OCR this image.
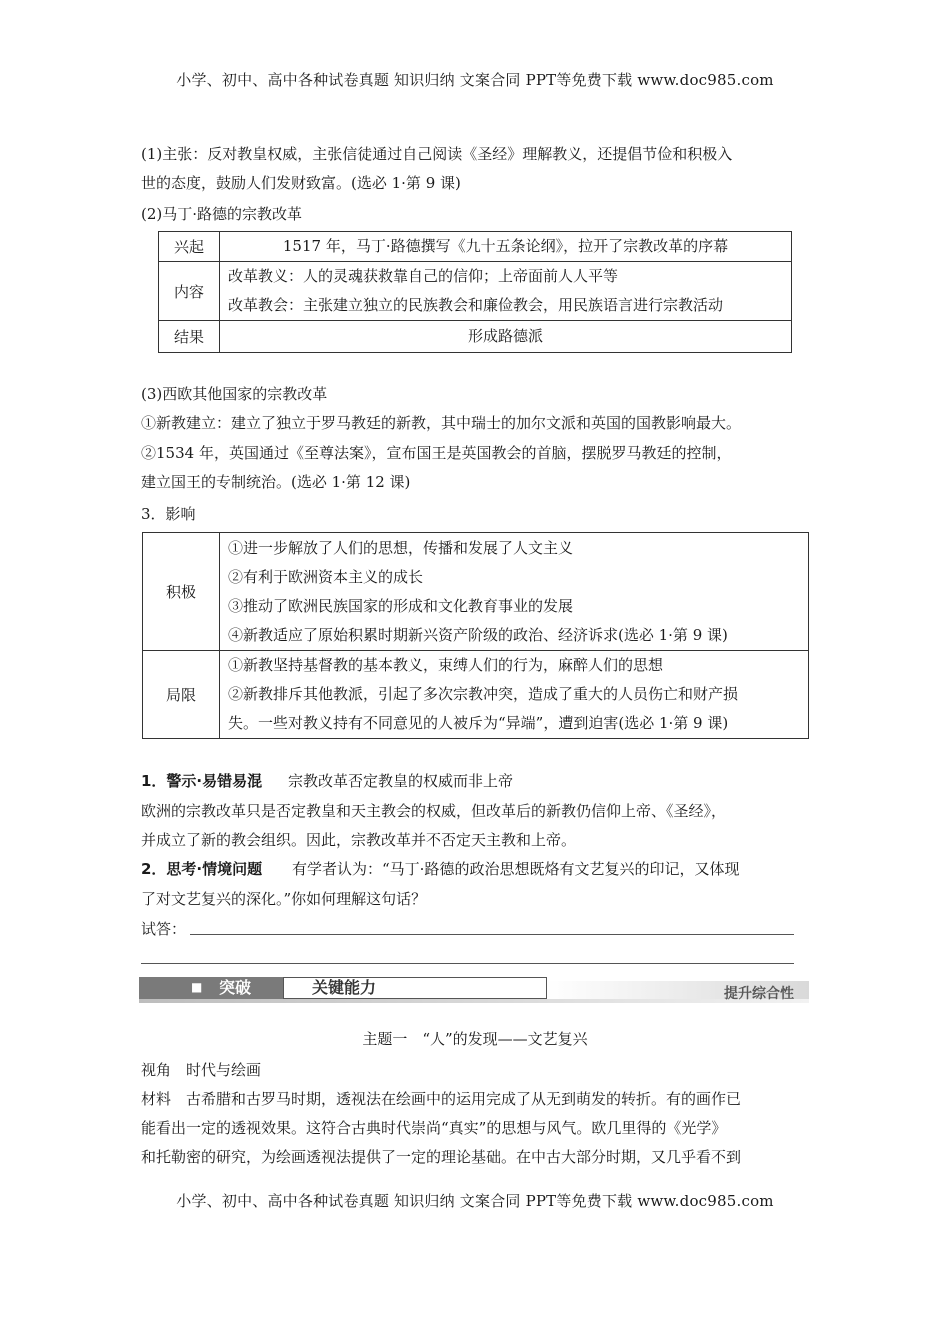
小学、初中、高中各种试卷真题 知识归纳 文案合同 PPT等免费下载 www.doc985.com
(1)主张：反对教皇权威，主张信徒通过自己阅读《圣经》理解教义，还提倡节俭和积极入
世的态度，鼓励人们发财致富。(选必 1·第 9 课)
(2)马丁·路德的宗教改革
兴起	1517 年，马丁·路德撰写《九十五条论纲》，拉开了宗教改革的序幕

内容	改革教义：人的灵魂获救靠自己的信仰；上帝面前人人平等
改革教会：主张建立独立的民族教会和廉俭教会，用民族语言进行宗教活动

结果	形成路德派
(3)西欧其他国家的宗教改革
①新教建立：建立了独立于罗马教廷的新教，其中瑞士的加尔文派和英国的国教影响最大。
②1534 年，英国通过《至尊法案》，宣布国王是英国教会的首脑，摆脱罗马教廷的控制，
建立国王的专制统治。(选必 1·第 12 课)
3．影响
积极	①进一步解放了人们的思想，传播和发展了人文主义
②有利于欧洲资本主义的成长
③推动了欧洲民族国家的形成和文化教育事业的发展
④新教适应了原始积累时期新兴资产阶级的政治、经济诉求(选必 1·第 9 课)

局限	①新教坚持基督教的基本教义，束缚人们的行为，麻醉人们的思想
②新教排斥其他教派，引起了多次宗教冲突，造成了重大的人员伤亡和财产损
失。一些对教义持有不同意见的人被斥为“异端”，遭到迫害(选必 1·第 9 课)
1．警示·易错易混 宗教改革否定教皇的权威而非上帝
欧洲的宗教改革只是否定教皇和天主教会的权威，但改革后的新教仍信仰上帝、《圣经》，
并成立了新的教会组织。因此，宗教改革并不否定天主教和上帝。
2．思考·情境问题 有学者认为：“马丁·路德的政治思想既烙有文艺复兴的印记，又体现
了对文艺复兴的深化。”你如何理解这句话？
试答：
■ 突破	关键能力	提升综合性
主题一　“人”的发现——文艺复兴
视角　时代与绘画
材料　古希腊和古罗马时期，透视法在绘画中的运用完成了从无到萌发的转折。有的画作已
能看出一定的透视效果。这符合古典时代崇尚“真实”的思想与风气。欧几里得的《光学》
和托勒密的研究，为绘画透视法提供了一定的理论基础。在中古大部分时期，又几乎看不到
小学、初中、高中各种试卷真题 知识归纳 文案合同 PPT等免费下载 www.doc985.com
